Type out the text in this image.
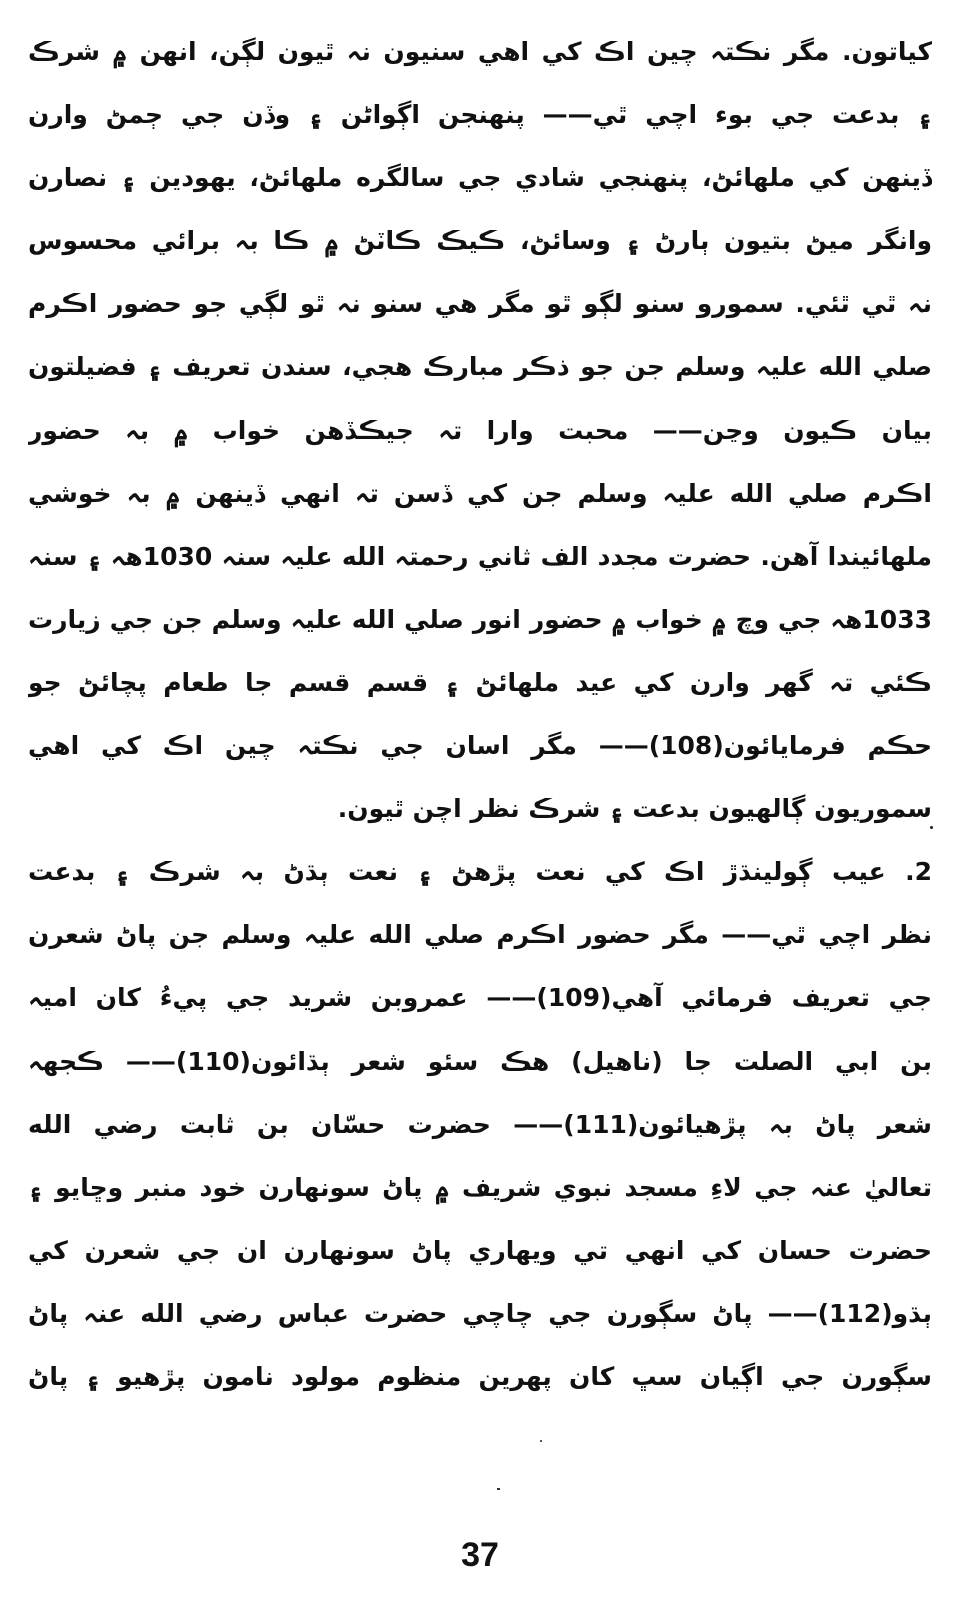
كياتون. مگر نڪتہ چين اڪ کي اهي سنيون نہ ٿيون لڳن، انهن ۾ شرڪ
۽ بدعت جي بوء اچي ٿي—— پنهنجن اڳواڻن ۽ وڏن جي ڄمڻ وارن
ڏينهن کي ملهائڻ، پنهنجي شادي جي سالگره ملهائڻ، يهودين ۽ نصارن
وانگر ميڻ بتيون ٻارڻ ۽ وسائڻ، ڪيڪ ڪاٽڻ ۾ ڪا بہ برائي محسوس
نہ ٿي ٿئي. سمورو سنو لڳو ٿو مگر هي سنو نہ ٿو لڳي جو حضور اڪرم
صلي الله عليہ وسلم جن جو ذڪر مبارڪ هجي، سندن تعريف ۽ فضيلتون
بيان ڪيون وڃن—— محبت وارا تہ جيڪڏهن خواب ۾ بہ حضور
اڪرم صلي الله عليہ وسلم جن کي ڏسن تہ انهي ڏينهن ۾ بہ خوشي
ملهائيندا آهن. حضرت مجدد الف ثاني رحمتہ الله عليہ سنہ 1030هہ ۽ سنہ
1033هہ جي وچ ۾ خواب ۾ حضور انور صلي الله عليہ وسلم جن جي زيارت
ڪئي تہ گهر وارن کي عيد ملهائڻ ۽ قسم قسم جا طعام پچائڻ جو
حڪم فرمايائون(108)—— مگر اسان جي نڪتہ چين اڪ کي اهي
سموريون ڳالهيون بدعت ۽ شرڪ نظر اچن ٿيون.
2. عيب ڳولينڌڙ اڪ کي نعت پڙهڻ ۽ نعت ٻڌڻ بہ شرڪ ۽ بدعت
نظر اچي ٿي—— مگر حضور اڪرم صلي الله عليہ وسلم جن پاڻ شعرن
جي تعريف فرمائي آهي(109)—— عمروبن شريد جي پيءُ کان اميہ
بن ابي الصلت جا (ناهيل) هڪ سئو شعر ٻڌائون(110)—— ڪجهہ
شعر پاڻ بہ پڙهيائون(111)—— حضرت حسّان بن ثابت رضي الله
تعاليٰ عنہ جي لاءِ مسجد نبوي شريف ۾ پاڻ سونهارن خود منبر وڇايو ۽
حضرت حسان کي انهي تي ويهاري پاڻ سونهارن ان جي شعرن کي
ٻڌو(112)—— پاڻ سڳورن جي چاچي حضرت عباس رضي الله عنہ پاڻ
سڳورن جي اڳيان سڀ کان پهرين منظوم مولود نامون پڙهيو ۽ پاڻ
37
